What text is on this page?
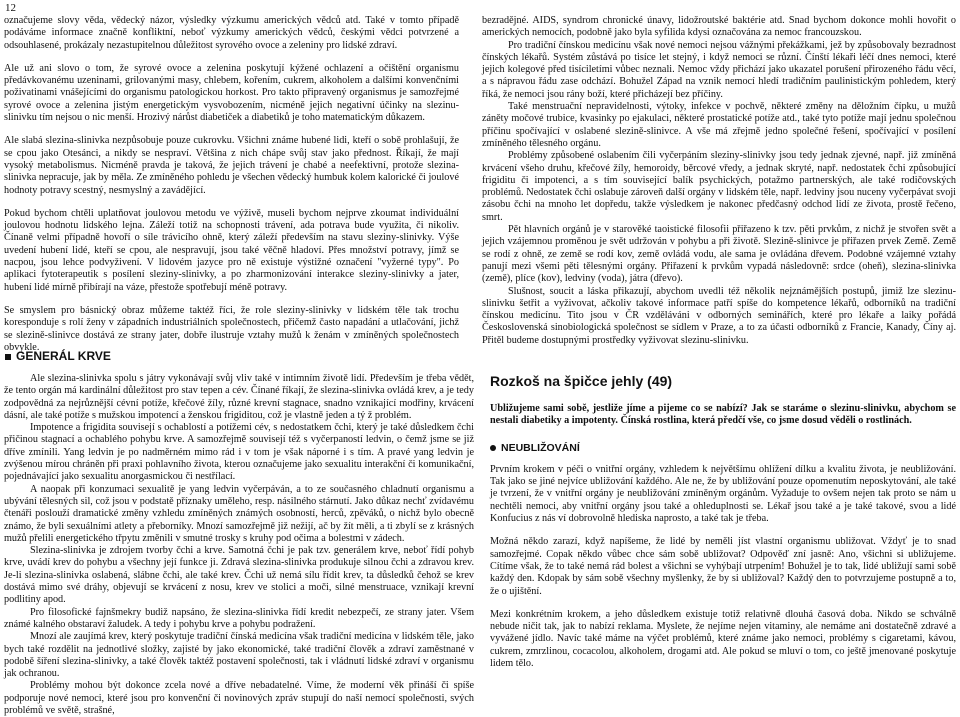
12

označujeme slovy věda, vědecký názor, výsledky výzkumu amerických vědců atd. Také v tomto případě podáváme informace značně konfliktní, neboť výzkumy amerických vědců, českými vědci potvrzené a odsouhlasené, prokázaly nezastupitelnou důležitost syrového ovoce a zeleniny pro lidské zdraví.

Ale už ani slovo o tom, že syrové ovoce a zelenina poskytují kýžené ochlazení a očištění organismu předávkovanému uzeninami, grilovanými masy, chlebem, kořením, cukrem, alkoholem a dalšími konvenčními poživatinami vnášejícími do organismu patologickou horkost. Pro takto připravený organismus je samozřejmé syrové ovoce a zelenina jistým energetickým vysvobozením, nicméně jejich negativní účinky na slezinu-slinivku tím nejsou o nic menší. Hrozivý nárůst diabetiček a diabetiků je toho matematickým důkazem.

Ale slabá slezina-slinivka nezpůsobuje pouze cukrovku. Všichni známe hubené lidi, kteří o sobě prohlašují, že se cpou jako Otesánci, a nikdy se nespraví. Většina z nich chápe svůj stav jako přednost. Říkají, že mají vysoký metabolismus. Nicméně pravda je taková, že jejich trávení je chabé a neefektivní, protože slezina-slinivka nepracuje, jak by měla. Ze zmíněného pohledu je všechen vědecký humbuk kolem kalorické či joulové hodnoty potravy scestný, nesmyslný a zavádějící.

Pokud bychom chtěli uplatňovat joulovou metodu ve výživě, museli bychom nejprve zkoumat individuální joulovou hodnotu lidského lejna. Záleží totiž na schopnosti trávení, ada potrava bude využita, či nikoliv. Čínaně velmi případně hovoří o síle trávicího ohně, který záleží především na stavu sleziny-slinivky. Výše uvedení hubení lidé, kteří se cpou, ale nespravují, jsou také věčně hladoví. Přes množství potravy, jímž se nacpou, jsou lehce podvyživení. V lidovém jazyce pro ně existuje výstižné označení "vyžerné typy". Po aplikaci fytoterapeutik s posílení sleziny-slinivky, a po zharmonizování interakce sleziny-slinivky a jater, hubení lidé mírně přibírají na váze, přestože spotřebují méně potravy.

Se smyslem pro básnický obraz můžeme taktéž říci, že role sleziny-slinivky v lidském těle tak trochu koresponduje s rolí ženy v západních industriálních společnostech, přičemž často napadání a utlačování, jichž se slezině-slinivce dostává ze strany jater, dobře ilustruje vztahy mužů k ženám v zmíněných společnostech obvykle.

bezradějné. AIDS, syndrom chronické únavy, lidožroutské baktérie atd. Snad bychom dokonce mohli hovořit o amerických nemocích, podobně jako byla syfilida kdysi označována za nemoc francouzskou.

Pro tradiční čínskou medicínu však nové nemoci nejsou vážnými překážkami, jež by způsobovaly bezradnost čínských lékařů. Systém zůstává po tisíce let stejný, i když nemoci se různí. Čínští lékaři léčí dnes nemoci, které jejich kolegové před tisíciletími vůbec neznali. Nemoc vždy přichází jako ukazatel porušení přirozeného řádu věcí, a s nápravou řádu zase odchází. Bohužel Západ na vznik nemocí hledí tradičním paulinistickým pohledem, který říká, že nemoci jsou rány boží, které přicházejí bez příčiny.

Také menstruační nepravidelnosti, výtoky, infekce v pochvě, některé změny na děložním čípku, u mužů záněty močové trubice, kvasinky po ejakulaci, některé prostatické potíže atd., také tyto potíže mají jednu společnou příčinu spočívající v oslabené slezině-slinivce. A vše má zřejmě jedno společné řešení, spočívající v posílení zmíněného tělesného orgánu.

Problémy způsobené oslabením čili vyčerpáním sleziny-slinivky jsou tedy jednak zjevné, např. již zmíněná krvácení všeho druhu, křečové žíly, hemoroidy, běrcové vředy, a jednak skryté, např. nedostatek čchi způsobující frigiditu či impotenci, a s tím související balík psychických, potažmo partnerských, ale také rodičovských problémů. Nedostatek čchi oslabuje zároveň další orgány v lidském těle, např. ledviny jsou nuceny vyčerpávat svoji zásobu čchi na mnoho let dopředu, takže výsledkem je nakonec předčasný odchod lidí ze života, prostě řečeno, smrt.

Pět hlavních orgánů je v starověké taoistické filosofii přiřazeno k tzv. pěti prvkům, z nichž je stvořen svět a jejich vzájemnou proměnou je svět udržován v pohybu a při životě. Slezině-slinivce je přiřazen prvek Země. Země se rodí z ohně, ze země se rodí kov, země ovládá vodu, ale sama je ovládána dřevem. Podobné vzájemné vztahy panují mezi všemi pěti tělesnými orgány. Přiřazení k prvkům vypadá následovně: srdce (oheň), slezina-slinivka (země), plíce (kov), ledviny (voda), játra (dřevo).

Slušnost, soucit a láska přikazují, abychom uvedli též několik nejznámějších postupů, jimiž lze slezinu-slinivku šetřit a vyživovat, ačkoliv takové informace patří spíše do kompetence lékařů, odborníků na tradiční čínskou medicínu. Tito jsou v ČR vzděláváni v odborných seminářích, které pro lékaře a laiky pořádá Československá sinobiologická společnost se sídlem v Praze, a to za účasti odborníků z Francie, Kanady, Číny aj. Přitěl budeme dostupnými prostředky vyživovat slezinu-slinivku.

GENERÁL KRVE

Ale slezina-slinivka spolu s játry vykonávají svůj vliv také v intimním životě lidí. Především je třeba vědět, že tento orgán má kardinální důležitost pro stav tepen a cév. Čínané říkají, že slezina-slinivka ovládá krev, a je tedy zodpovědná za nejrůznější cévní potíže, křečové žíly, různé krevní stagnace, snadno vznikající modřiny, krvácení dásní, ale také potíže s mužskou impotencí a ženskou frigiditou, což je vlastně jeden a tý ž problém.

Impotence a frigidita souvisejí s ochablostí a potížemi cév, s nedostatkem čchi, který je také důsledkem čchi přičinou stagnací a ochablého pohybu krve. A samozřejmě souvisejí též s vyčerpaností ledvin, o čemž jsme se již dříve zmínili. Yang ledvin je po nadměrném mimo rád i v tom je však náporné i s tím. A pravé yang ledvin je zvýšenou mírou chráněn při praxi pohlavního života, kterou označujeme jako sexualitu interakční či komunikační, pojednávající jako sexualitu anorgasmickou či nestřílací.

A naopak při konzumaci sexualitě je yang ledvin vyčerpáván, a to ze současného chladnutí organismu a ubývání tělesných sil, což jsou v podstatě příznaky uměleho, resp. násilného stárnutí. Jako důkaz nechť zvídavému čtenáři poslouží dramatické změny vzhledu zmíněných známých osobností, herců, zpěváků, o nichž bylo obecně známo, že byli sexuálními atlety a přeborníky. Mnozí samozřejmě již nežijí, ač by žít měli, a ti zbylí se z krásných mužů přelili energetického třpytu změnili v smutné trosky s kruhy pod očima a bolestmi v zádech.

Slezina-slinivka je zdrojem tvorby čchi a krve. Samotná čchi je pak tzv. generálem krve, neboť řídí pohyb krve, uvádí krev do pohybu a všechny její funkce ji. Zdravá slezina-slinivka produkuje silnou čchi a zdravou krev. Je-li slezina-slinivka oslabená, slábne čchi, ale také krev. Čchi už nemá sílu řídit krev, ta důsledků čehož se krev dostává mimo své dráhy, objevují se krvácení z nosu, krev ve stolici a moči, silné menstruace, vznikají krevní podlitiny apod.

Pro filosofické fajnšmekry budiž napsáno, že slezina-slinivka řídí kredit nebezpečí, ze strany jater. Všem známé kalného obstaraví žaludek. A tedy i pohybu krve a pohybu podražení.

Mnozí ale zaujímá krev, který poskytuje tradiční čínská medicína však tradiční medicína v lidském těle, jako bych také rozdělit na jednotlivé složky, zajisté by jako ekonomické, také tradiční člověk a zdraví zaměstnané v podobě šíření slezina-slinivky, a také člověk taktéž postavení společnosti, tak i vládnutí lidské zdraví v organismu jak ochranou.

Problémy mohou být dokonce zcela nové a dříve nebadatelné. Víme, že moderní věk přináší či spíše podporuje nové nemoci, které jsou pro konvenční či novinových zpráv stupují do naší nemocí společnosti, svých problémů ve světě, strašné,

Rozkoš na špičce jehly (49)

Ubližujeme sami sobě, jestliže jíme a pijeme co se nabízí? Jak se staráme o slezinu-slinivku, abychom se nestali diabetiky a impotenty. Čínská rostlina, která předčí vše, co jsme dosud věděli o rostlinách.

NEUBLIŽOVÁNÍ

Prvním krokem v péči o vnitřní orgány, vzhledem k největšímu ohlížení dílku a kvalitu života, je neubližování. Tak jako se jiné nejvíce ubližování každého. Ale ne, že by ubližování pouze opomenutím neposkytování, ale také je tvrzení, že v vnitřní orgány je neubližování zmíněným orgánům. Vyžaduje to ovšem nejen tak proto se nám u nechtěli nemoci, aby vnitřní orgány jsou také a ohleduplnosti se. Lékař jsou také a je také takové, svou a lidé Konfucius z nás ví dobrovolně hlediska naprosto, a také tak je třeba.

Možná někdo zarazí, když napíšeme, že lidé by neměli jíst vlastní organismu ubližovat. Vždyť je to snad samozřejmé. Copak někdo vůbec chce sám sobě ubližovat? Odpověď zní jasně: Ano, všichni si ubližujeme. Cítíme však, že to také nemá rád bolest a všichni se vyhýbají utrpením! Bohužel je to tak, lidé ubližují sami sobě každý den. Kdopak by sám sobě všechny myšlenky, že by si ubližoval? Každý den to potvrzujeme postupně a to, že o ujištění.

Mezi konkrétním krokem, a jeho důsledkem existuje totiž relativně dlouhá časová doba. Nikdo se schválně nebude ničit tak, jak to nabízí reklama. Myslete, že nejíme nejen vitaminy, ale nemáme ani dostatečně zdravé a vyvážené jídlo. Navíc také máme na výčet problémů, které známe jako nemoci, problémy s cigaretami, kávou, cukrem, zmrzlinou, cocacolou, alkoholem, drogami atd. Ale pokud se mluví o tom, co ještě jmenované poskytuje lidem tělo.
